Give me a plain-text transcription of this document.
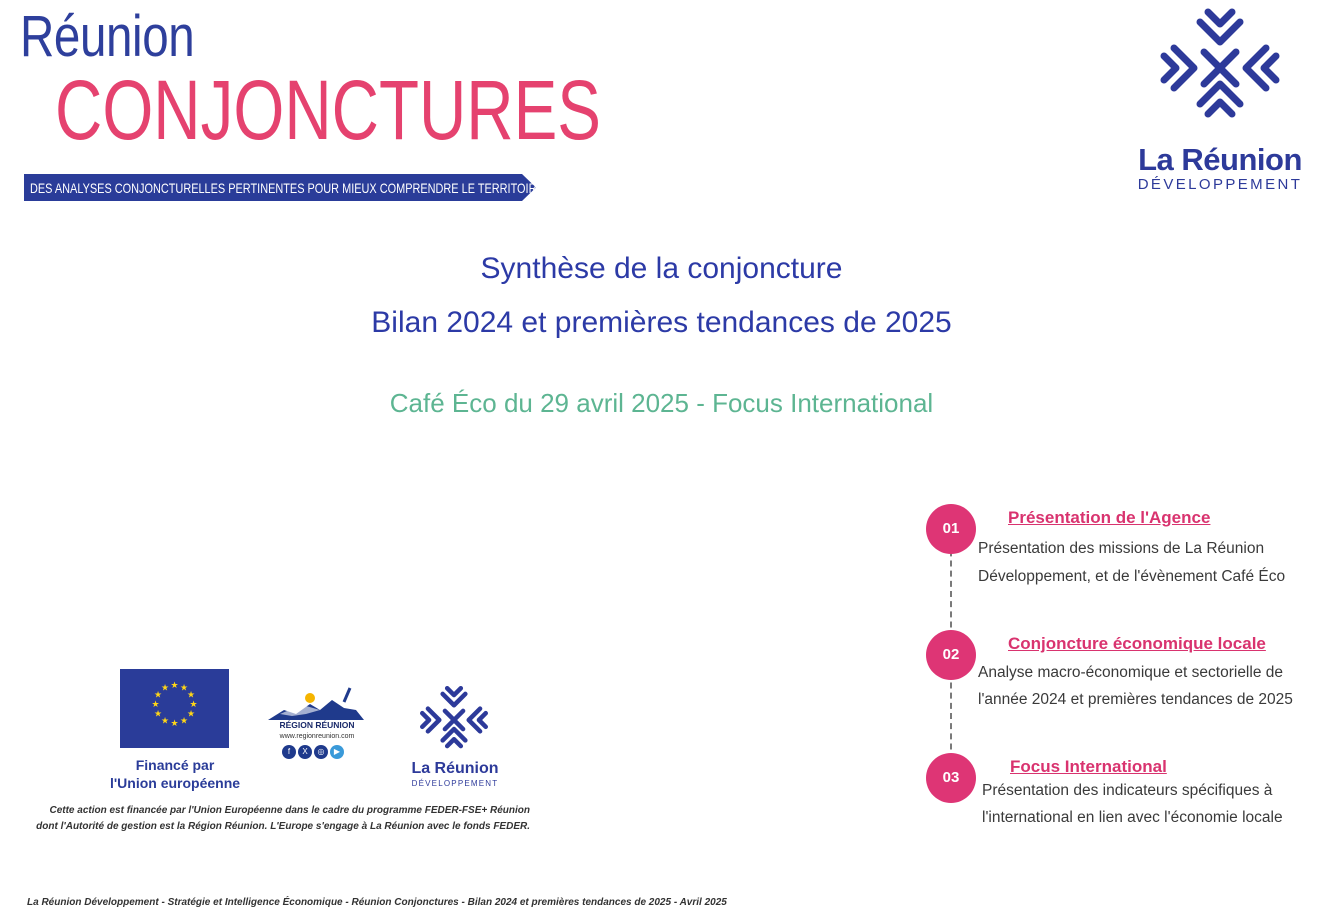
Réunion
CONJONCTURES
DES ANALYSES CONJONCTURELLES PERTINENTES POUR MIEUX COMPRENDRE LE TERRITOIRE
La Réunion
DÉVELOPPEMENT
Synthèse de la conjoncture
Bilan 2024 et premières tendances de 2025
Café Éco du 29 avril 2025 - Focus International
01
Présentation de l'Agence
Présentation des missions de La Réunion
Développement, et de l'évènement Café Éco
02
Conjoncture économique locale
Analyse macro-économique et sectorielle de
l'année 2024 et premières tendances de 2025
03
Focus International
Présentation des indicateurs spécifiques à
l'international en lien avec l'économie locale
★ ★
★
★
★
★
★
★
★
★
★
★
Financé par
l'Union européenne
RÉGION RÉUNION
www.regionreunion.com
f	X	◎	▶
La Réunion
DÉVELOPPEMENT
Cette action est financée par l'Union Européenne dans le cadre du programme FEDER-FSE+ Réunion
dont l'Autorité de gestion est la Région Réunion. L'Europe s'engage à La Réunion avec le fonds FEDER.
La Réunion Développement - Stratégie et Intelligence Économique - Réunion Conjonctures - Bilan 2024 et premières tendances de 2025 - Avril 2025
